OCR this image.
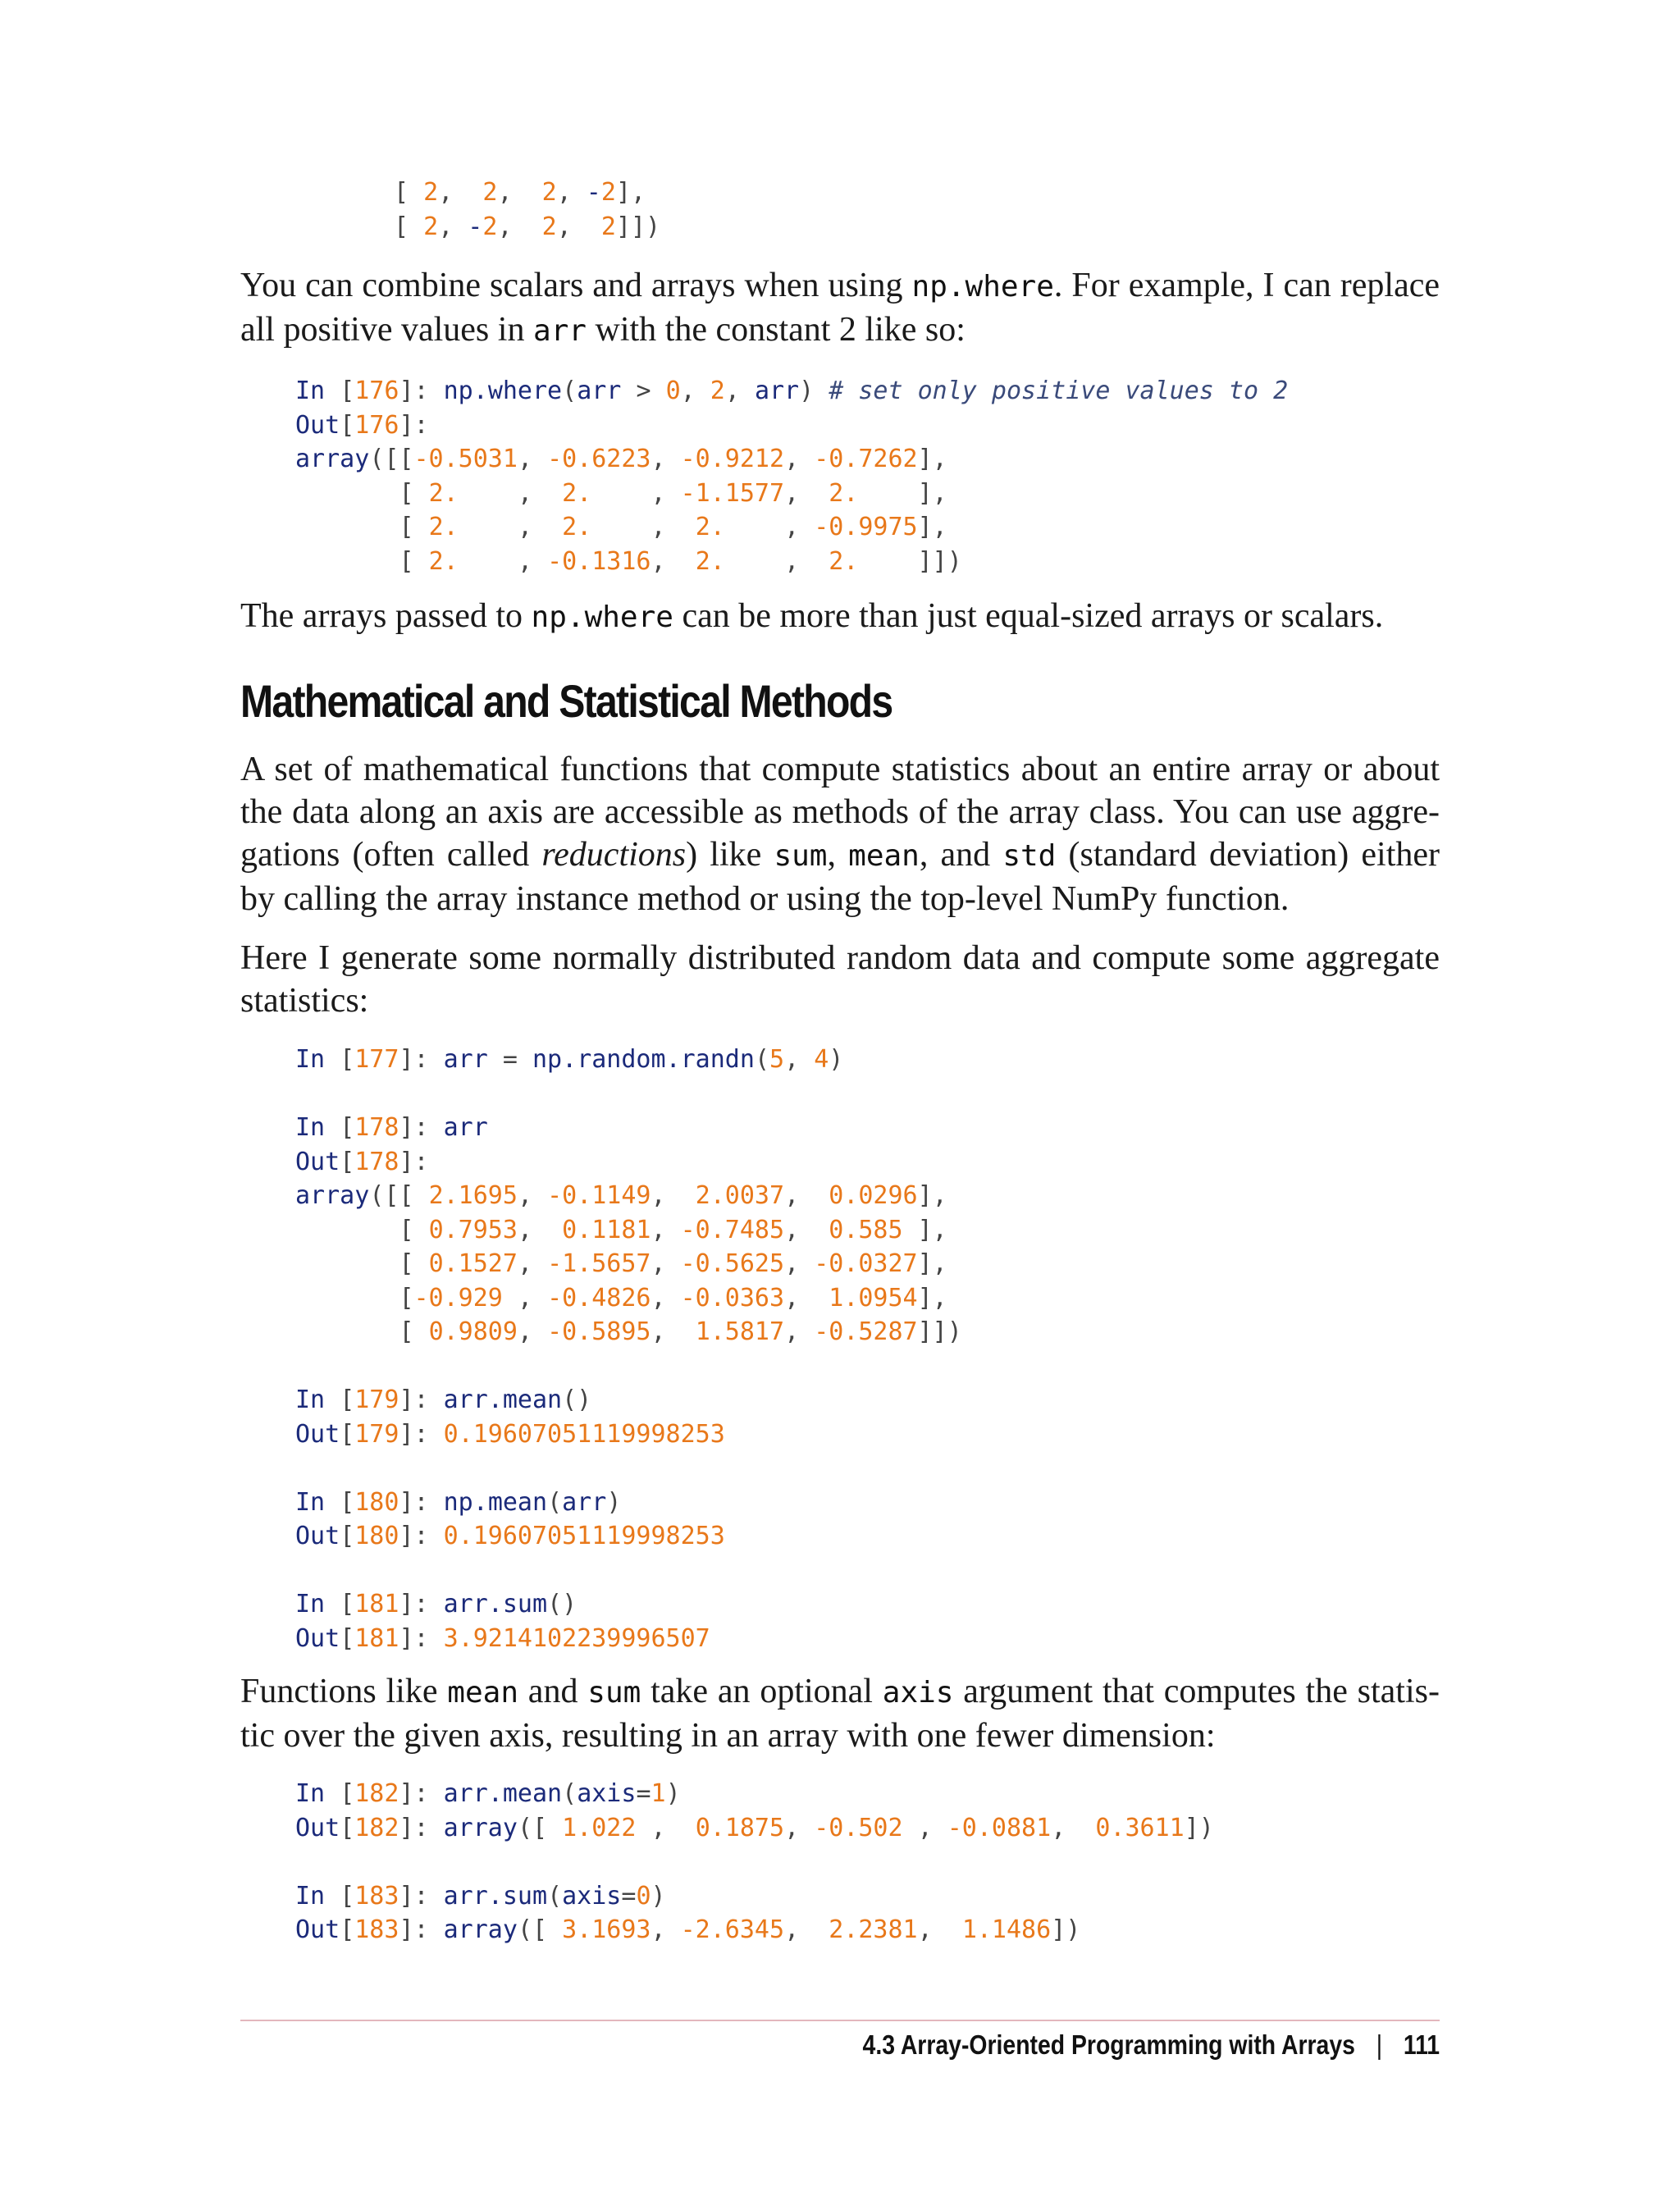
[ 2, 2, 2, -2],
[ 2, -2, 2, 2]])

You can combine scalars and arrays when using np.where. For example, I can replace all positive values in arr with the constant 2 like so:

In [176]: np.where(arr > 0, 2, arr) # set only positive values to 2
Out[176]:
array([[-0.5031, -0.6223, -0.9212, -0.7262],
[ 2. , 2. , -1.1577, 2. ],
[ 2. , 2. , 2. , -0.9975],
[ 2. , -0.1316, 2. , 2. ]])

The arrays passed to np.where can be more than just equal-sized arrays or scalars.

Mathematical and Statistical Methods

A set of mathematical functions that compute statistics about an entire array or about the data along an axis are accessible as methods of the array class. You can use aggregations (often called reductions) like sum, mean, and std (standard deviation) either by calling the array instance method or using the top-level NumPy function.

Here I generate some normally distributed random data and compute some aggregate statistics:

In [177]: arr = np.random.randn(5, 4)

In [178]: arr
Out[178]:
array([[ 2.1695, -0.1149, 2.0037, 0.0296],
[ 0.7953, 0.1181, -0.7485, 0.585 ],
[ 0.1527, -1.5657, -0.5625, -0.0327],
[-0.929 , -0.4826, -0.0363, 1.0954],
[ 0.9809, -0.5895, 1.5817, -0.5287]])

In [179]: arr.mean()
Out[179]: 0.19607051119998253

In [180]: np.mean(arr)
Out[180]: 0.19607051119998253

In [181]: arr.sum()
Out[181]: 3.9214102239996507

Functions like mean and sum take an optional axis argument that computes the statistic over the given axis, resulting in an array with one fewer dimension:

In [182]: arr.mean(axis=1)
Out[182]: array([ 1.022 , 0.1875, -0.502 , -0.0881, 0.3611])

In [183]: arr.sum(axis=0)
Out[183]: array([ 3.1693, -2.6345, 2.2381, 1.1486])
4.3 Array-Oriented Programming with Arrays | 111
